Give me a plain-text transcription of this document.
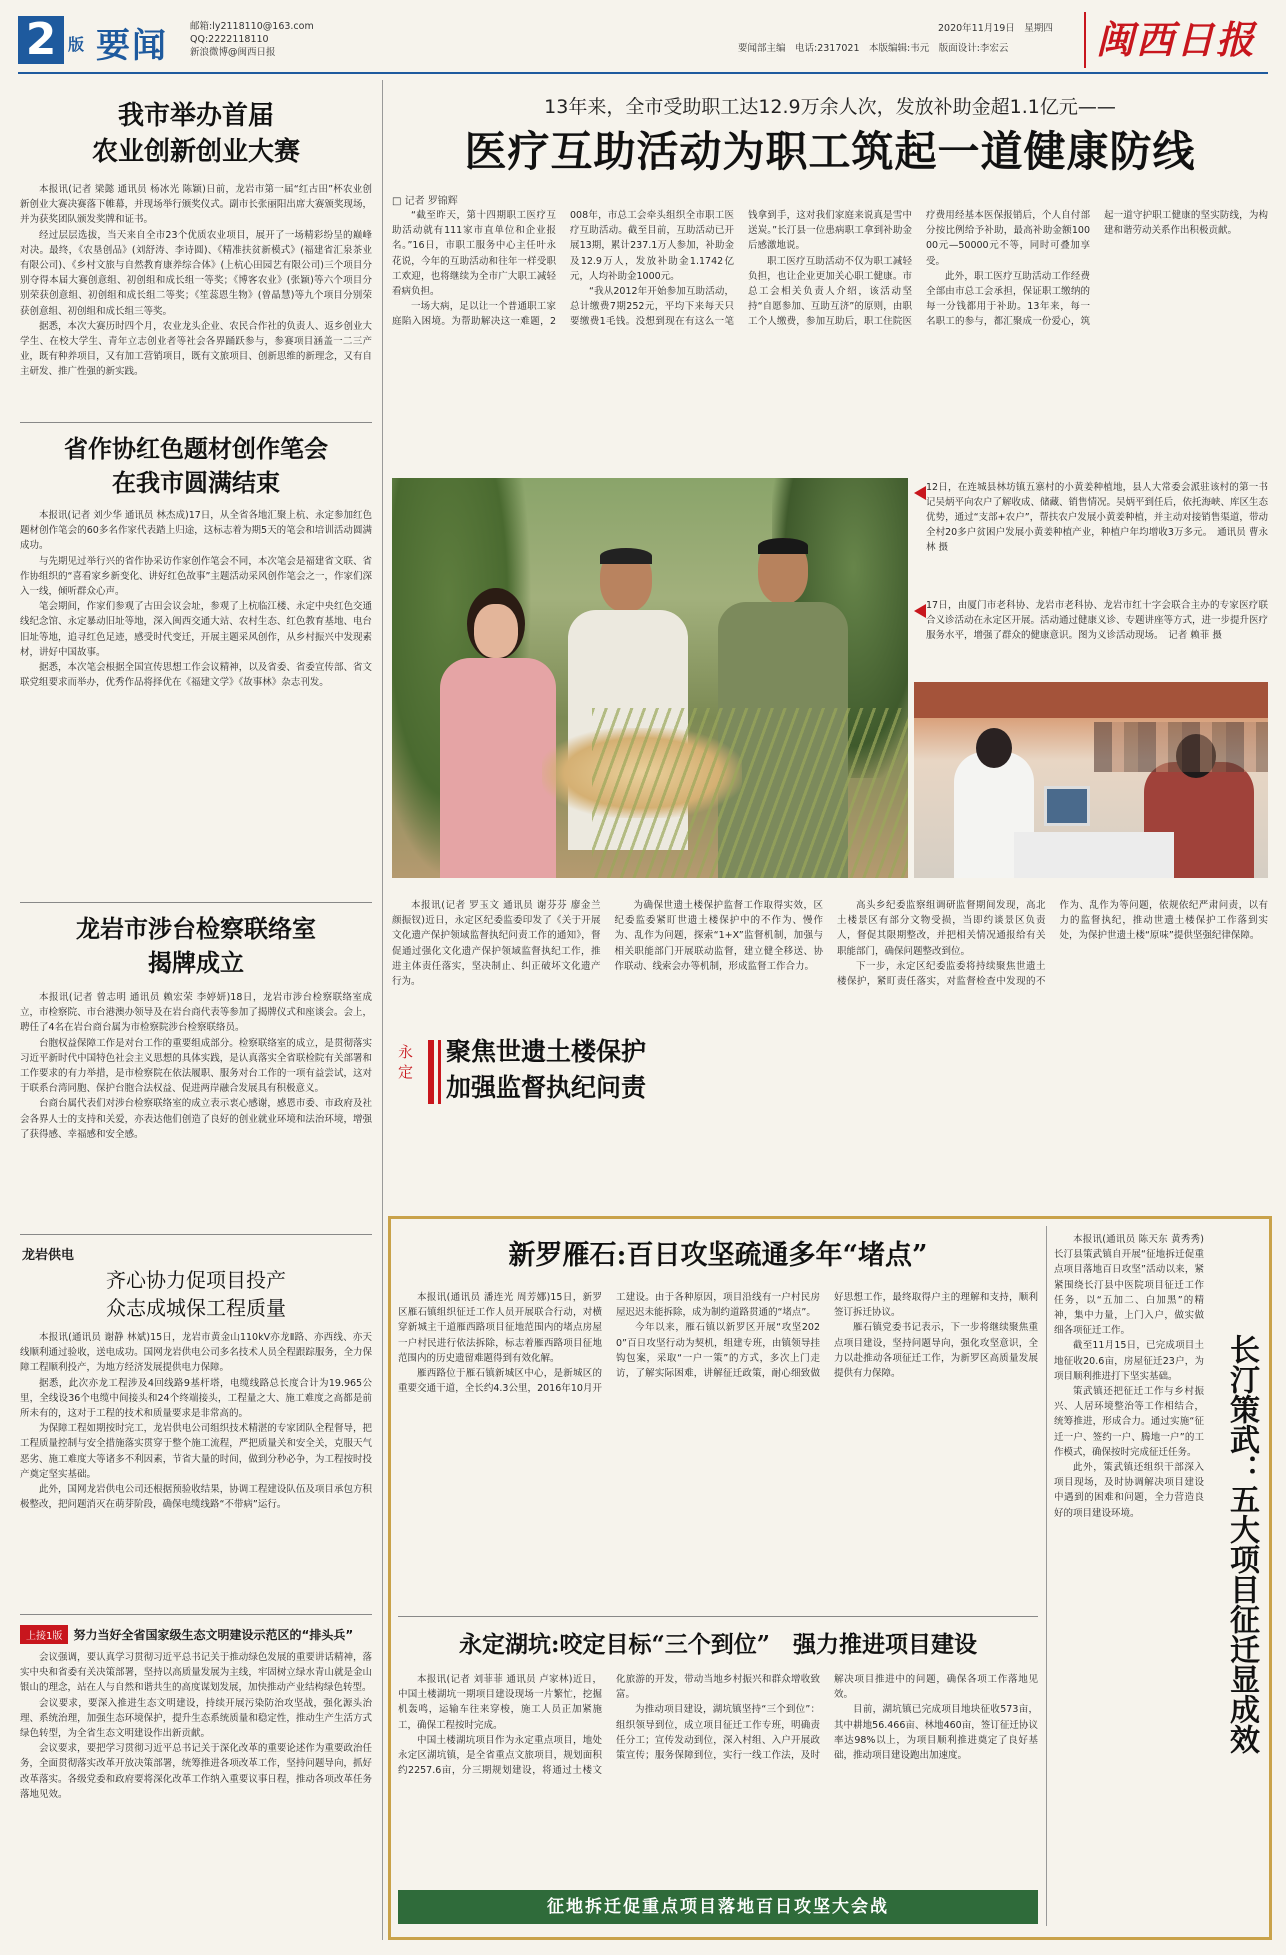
2 版 要闻 邮箱:ly2118110@163.com
QQ:2222118110
新浪微博@闽西日报
2020年11月19日　 星期四
要闻部主编　电话:2317021　本版编辑:韦元　版面设计:李宏云	闽西日报
我市举办首届
农业创新创业大赛

本报讯(记者 梁懿 通讯员 杨冰光 陈颖)日前，龙岩市第一届“红古田”杯农业创新创业大赛决赛落下帷幕，并现场举行颁奖仪式。副市长张丽阳出席大赛颁奖现场，并为获奖团队颁发奖牌和证书。

经过层层选拔，当天来自全市23个优质农业项目，展开了一场精彩纷呈的巅峰对决。最终，《农垦创品》(刘舒涛、李诗圆)、《精准扶贫新模式》(福建省汇泉茶业有限公司)、《乡村文旅与自然教育康养综合体》(上杭心田园艺有限公司)三个项目分别夺得本届大赛创意组、初创组和成长组一等奖；《博客农业》(张颖)等六个项目分别荣获创意组、初创组和成长组二等奖；《笙蕊恩生物》(曾晶慧)等九个项目分别荣获创意组、初创组和成长组三等奖。

据悉，本次大赛历时四个月，农业龙头企业、农民合作社的负责人、返乡创业大学生、在校大学生、青年立志创业者等社会各界踊跃参与，参赛项目涵盖一二三产业，既有种养项目，又有加工营销项目，既有文旅项目、创新思维的新理念，又有自主研发、推广性强的新实践。

省作协红色题材创作笔会
在我市圆满结束

本报讯(记者 刘少华 通讯员 林杰成)17日，从全省各地汇聚上杭、永定参加红色题材创作笔会的60多名作家代表踏上归途，这标志着为期5天的笔会和培训活动圆满成功。

与先期见过举行兴的省作协采访作家创作笔会不同，本次笔会是福建省文联、省作协组织的“喜看家乡新变化、讲好红色故事”主题活动采风创作笔会之一，作家们深入一线，倾听群众心声。

笔会期间，作家们参观了古田会议会址，参观了上杭临江楼、永定中央红色交通线纪念馆、永定暴动旧址等地，深入闽西交通大站、农村生态、红色教育基地、电台旧址等地，追寻红色足迹，感受时代变迁，开展主题采风创作，从乡村振兴中发现素材，讲好中国故事。

据悉，本次笔会根据全国宣传思想工作会议精神，以及省委、省委宣传部、省文联党组要求而举办，优秀作品将择优在《福建文学》《故事林》杂志刊发。

龙岩市涉台检察联络室
揭牌成立

本报讯(记者 曾志明 通讯员 赖宏荣 李婷妍)18日，龙岩市涉台检察联络室成立，市检察院、市台港澳办领导及在岩台商代表等参加了揭牌仪式和座谈会。会上，聘任了4名在岩台商台属为市检察院涉台检察联络员。

台胞权益保障工作是对台工作的重要组成部分。检察联络室的成立，是贯彻落实习近平新时代中国特色社会主义思想的具体实践，是认真落实全省联检院有关部署和工作要求的有力举措，是市检察院在依法履职、服务对台工作的一项有益尝试，这对于联系台湾同胞、保护台胞合法权益、促进两岸融合发展具有积极意义。

台商台属代表们对涉台检察联络室的成立表示衷心感谢，感恩市委、市政府及社会各界人士的支持和关爱，亦表达他们创造了良好的创业就业环境和法治环境，增强了获得感、幸福感和安全感。

龙岩供电
齐心协力促项目投产
众志成城保工程质量

本报讯(通讯员 谢静 林斌)15日，龙岩市黄金山110kV亦龙Ⅱ路、亦西线、亦天线顺利通过验收，送电成功。国网龙岩供电公司多名技术人员全程跟踪服务，全力保障工程顺利投产，为地方经济发展提供电力保障。

据悉，此次亦龙工程涉及4回线路9基杆塔，电缆线路总长度合计为19.965公里，全线设36个电缆中间接头和24个终端接头，工程量之大、施工难度之高都是前所未有的，这对于工程的技术和质量要求是非常高的。

为保障工程如期按时完工，龙岩供电公司组织技术精湛的专家团队全程督导，把工程质量控制与安全措施落实贯穿于整个施工流程，严把质量关和安全关，克服天气恶劣、施工难度大等诸多不利因素，节省大量的时间，做到分秒必争，为工程按时投产奠定坚实基础。

此外，国网龙岩供电公司还根据预验收结果，协调工程建设队伍及项目承包方积极整改，把问题消灭在萌芽阶段，确保电缆线路“不带病”运行。

上接1版 努力当好全省国家级生态文明建设示范区的“排头兵”

会议强调，要认真学习贯彻习近平总书记关于推动绿色发展的重要讲话精神，落实中央和省委有关决策部署，坚持以高质量发展为主线，牢固树立绿水青山就是金山银山的理念，站在人与自然和谐共生的高度谋划发展，加快推动产业结构绿色转型。

会议要求，要深入推进生态文明建设，持续开展污染防治攻坚战，强化源头治理、系统治理，加强生态环境保护，提升生态系统质量和稳定性，推动生产生活方式绿色转型，为全省生态文明建设作出新贡献。

会议要求，要把学习贯彻习近平总书记关于深化改革的重要论述作为重要政治任务，全面贯彻落实改革开放决策部署，统筹推进各项改革工作，坚持问题导向，抓好改革落实。各级党委和政府要将深化改革工作纳入重要议事日程，推动各项改革任务落地见效。

13年来，全市受助职工达12.9万余人次，发放补助金超1.1亿元——
医疗互助活动为职工筑起一道健康防线
□ 记者 罗锦辉

“截至昨天，第十四期职工医疗互助活动就有111家市直单位和企业报名。”16日，市职工服务中心主任叶永花说，今年的互助活动和往年一样受职工欢迎，也将继续为全市广大职工减轻看病负担。

一场大病，足以让一个普通职工家庭陷入困境。为帮助解决这一难题，2008年，市总工会牵头组织全市职工医疗互助活动。截至目前，互助活动已开展13期，累计237.1万人参加，补助金及12.9万人，发放补助金1.1742亿元，人均补助金1000元。

“我从2012年开始参加互助活动，总计缴费7期252元，平均下来每天只要缴费1毛钱。没想到现在有这么一笔钱拿到手，这对我们家庭来说真是雪中送炭。”长汀县一位患病职工拿到补助金后感激地说。

职工医疗互助活动不仅为职工减轻负担，也让企业更加关心职工健康。市总工会相关负责人介绍，该活动坚持“自愿参加、互助互济”的原则，由职工个人缴费，参加互助后，职工住院医疗费用经基本医保报销后，个人自付部分按比例给予补助，最高补助金额10000元—50000元不等，同时可叠加享受。

此外，职工医疗互助活动工作经费全部由市总工会承担，保证职工缴纳的每一分钱都用于补助。13年来，每一名职工的参与，都汇聚成一份爱心，筑起一道守护职工健康的坚实防线，为构建和谐劳动关系作出积极贡献。

12日，在连城县林坊镇五寨村的小黄姜种植地，县人大常委会派驻该村的第一书记吴炳平向农户了解收成、储藏、销售情况。吴炳平到任后，依托海峡、库区生态优势，通过“支部+农户”，帮扶农户发展小黄姜种植，并主动对接销售渠道，带动全村20多户贫困户发展小黄姜种植产业，种植户年均增收3万多元。　 通讯员 曹永林 摄
17日，由厦门市老科协、龙岩市老科协、龙岩市红十字会联合主办的专家医疗联合义诊活动在永定区开展。活动通过健康义诊、专题讲座等方式，进一步提升医疗服务水平，增强了群众的健康意识。图为义诊活动现场。　 记者 赖菲 摄
永定
聚焦世遗土楼保护
加强监督执纪问责

本报讯(记者 罗玉文 通讯员 谢芬芬 廖金兰 颜振钗)近日，永定区纪委监委印发了《关于开展文化遗产保护领域监督执纪问责工作的通知》，督促通过强化文化遗产保护领域监督执纪工作，推进主体责任落实，坚决制止、纠正破坏文化遗产行为。

为确保世遗土楼保护监督工作取得实效，区纪委监委紧盯世遗土楼保护中的不作为、慢作为、乱作为问题，探索“1+X”监督机制，加强与相关职能部门开展联动监督，建立健全移送、协作联动、线索会办等机制，形成监督工作合力。

高头乡纪委监察组调研监督期间发现，高北土楼景区有部分文物受损，当即约谈景区负责人，督促其限期整改，并把相关情况通报给有关职能部门，确保问题整改到位。

下一步，永定区纪委监委将持续聚焦世遗土楼保护，紧盯责任落实，对监督检查中发现的不作为、乱作为等问题，依规依纪严肃问责，以有力的监督执纪，推动世遗土楼保护工作落到实处，为保护世遗土楼“原味”提供坚强纪律保障。

新罗雁石:百日攻坚疏通多年“堵点”

本报讯(通讯员 潘连光 周芳娜)15日，新罗区雁石镇组织征迁工作人员开展联合行动，对横穿新城主干道雁西路项目征地范围内的堵点房屋一户村民进行依法拆除，标志着雁西路项目征地范围内的历史遗留难题得到有效化解。

雁西路位于雁石镇新城区中心，是新城区的重要交通干道，全长约4.3公里，2016年10月开工建设。由于各种原因，项目沿线有一户村民房屋迟迟未能拆除，成为制约道路贯通的“堵点”。

今年以来，雁石镇以新罗区开展“攻坚2020”百日攻坚行动为契机，组建专班，由镇领导挂钩包案，采取“一户一策”的方式，多次上门走访，了解实际困难，讲解征迁政策，耐心细致做好思想工作，最终取得户主的理解和支持，顺利签订拆迁协议。

雁石镇党委书记表示，下一步将继续聚焦重点项目建设，坚持问题导向，强化攻坚意识，全力以赴推动各项征迁工作，为新罗区高质量发展提供有力保障。

永定湖坑:咬定目标“三个到位”　强力推进项目建设

本报讯(记者 刘菲菲 通讯员 卢家林)近日，中国土楼湖坑一期项目建设现场一片繁忙，挖掘机轰鸣，运输车往来穿梭，施工人员正加紧施工，确保工程按时完成。

中国土楼湖坑项目作为永定重点项目，地处永定区湖坑镇，是全省重点文旅项目，规划面积约2257.6亩，分三期规划建设，将通过土楼文化旅游的开发，带动当地乡村振兴和群众增收致富。

为推动项目建设，湖坑镇坚持“三个到位”：组织领导到位，成立项目征迁工作专班，明确责任分工；宣传发动到位，深入村组、入户开展政策宣传；服务保障到位，实行一线工作法，及时解决项目推进中的问题，确保各项工作落地见效。

目前，湖坑镇已完成项目地块征收573亩，其中耕地56.466亩、林地460亩，签订征迁协议率达98%以上，为项目顺利推进奠定了良好基础，推动项目建设跑出加速度。

本报讯(通讯员 陈天东 黄秀秀)长汀县策武镇自开展“征地拆迁促重点项目落地百日攻坚”活动以来，紧紧围绕长汀县中医院项目征迁工作任务，以“五加二、白加黑”的精神，集中力量，上门入户，做实做细各项征迁工作。

截至11月15日，已完成项目土地征收20.6亩，房屋征迁23户，为项目顺利推进打下坚实基础。

策武镇还把征迁工作与乡村振兴、人居环境整治等工作相结合，统筹推进，形成合力。通过实施“征迁一户、签约一户、腾地一户”的工作模式，确保按时完成征迁任务。

此外，策武镇还组织干部深入项目现场，及时协调解决项目建设中遇到的困难和问题，全力营造良好的项目建设环境。	长汀策武：五大项目征迁显成效
征地拆迁促重点项目落地百日攻坚大会战
